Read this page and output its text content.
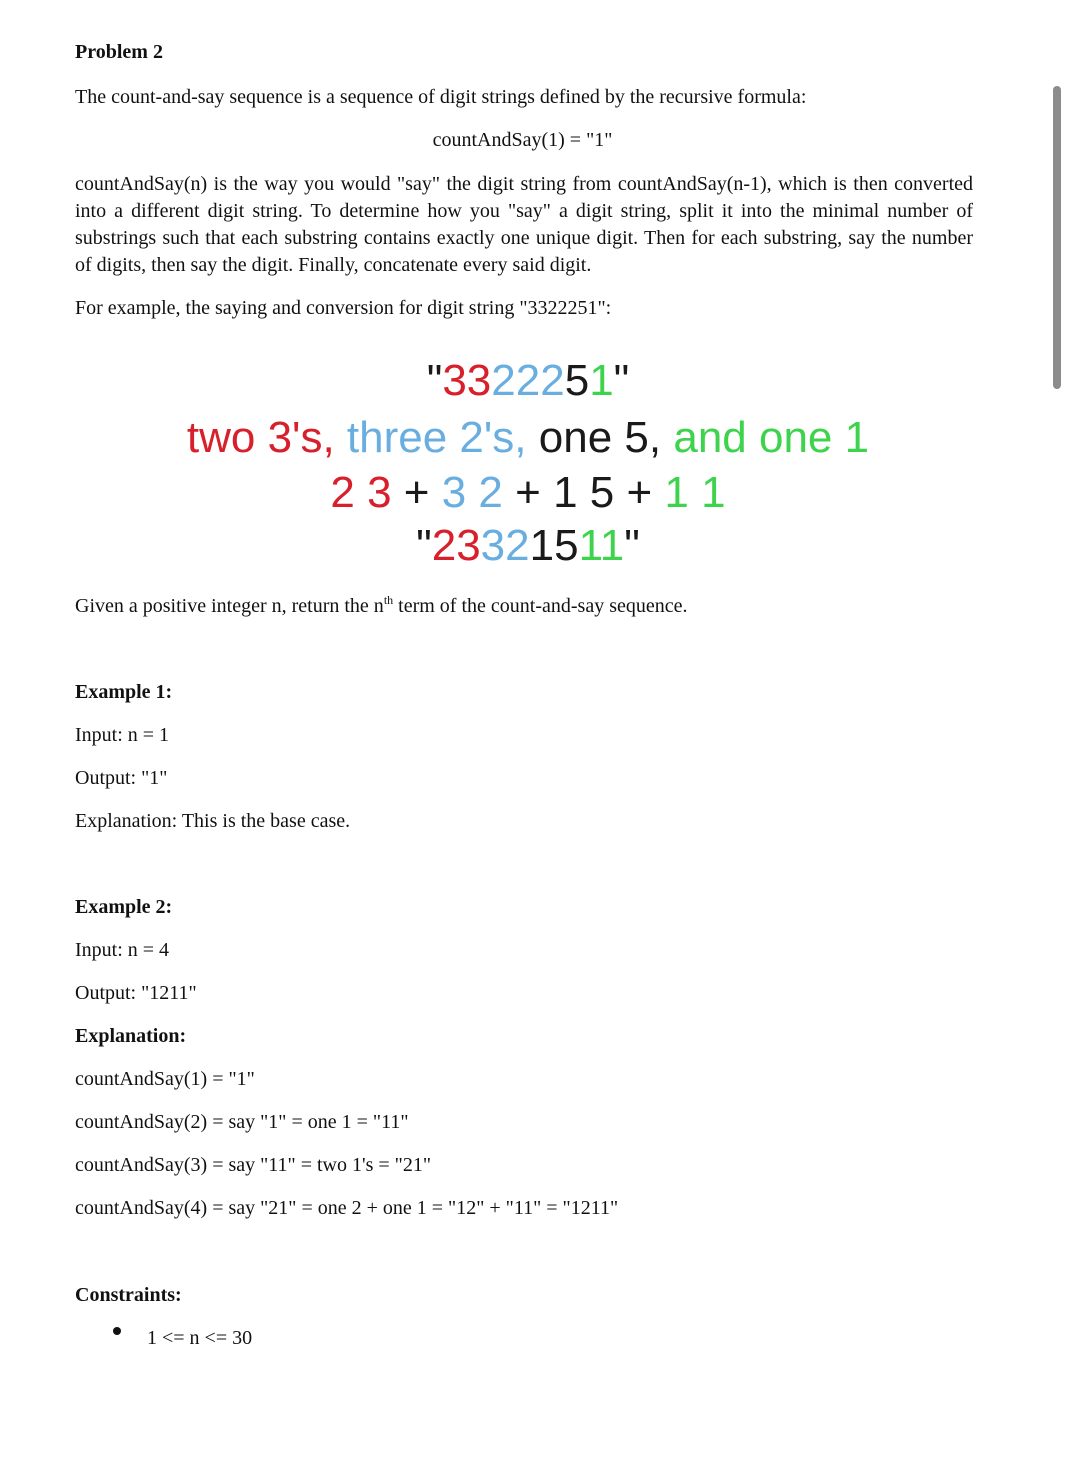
Problem 2
The count-and-say sequence is a sequence of digit strings defined by the recursive formula:
countAndSay(1) = "1"
countAndSay(n) is the way you would "say" the digit string from countAndSay(n-1), which is then converted into a different digit string. To determine how you "say" a digit string, split it into the minimal number of substrings such that each substring contains exactly one unique digit. Then for each substring, say the number of digits, then say the digit. Finally, concatenate every said digit.
For example, the saying and conversion for digit string "3322251":
"3322251"
two 3's, three 2's, one 5, and one 1
2 3 + 3 2 + 1 5 + 1 1
"23321511"
Given a positive integer n, return the $n^{th}$ term of the count-and-say sequence.
Example 1:
Input: n = 1
Output: "1"
Explanation: This is the base case.
Example 2:
Input: n = 4
Output: "1211"
Explanation:
countAndSay(1) = "1"
countAndSay(2) = say "1" = one 1 = "11"
countAndSay(3) = say "11" = two 1's = "21"
countAndSay(4) = say "21" = one 2 + one 1 = "12" + "11" = "1211"
Constraints:
1 <= n <= 30
